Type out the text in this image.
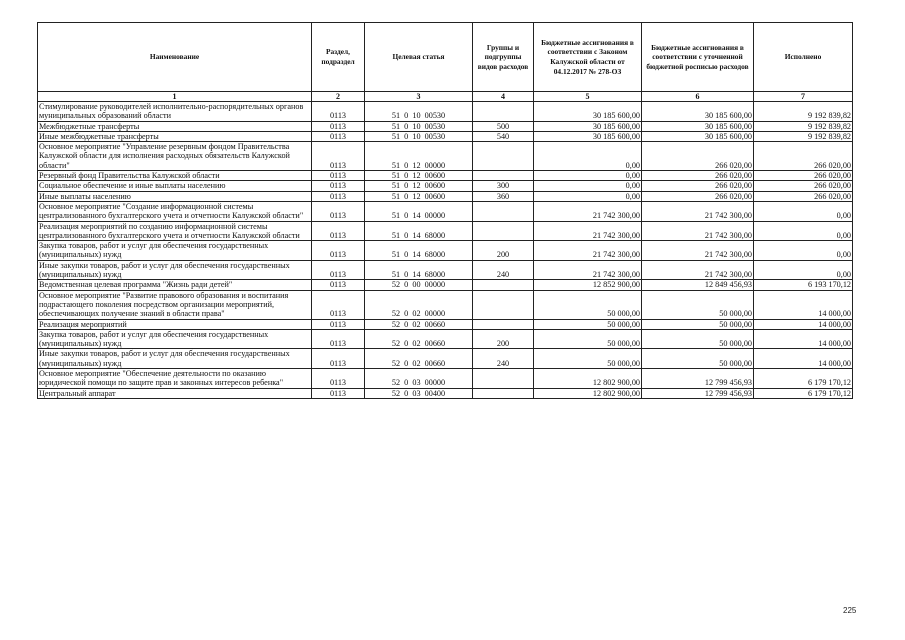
Наименование	Раздел, подраздел	Целевая статья	Группы и подгруппы видов расходов	Бюджетные ассигнования в соответствии с Законом Калужской области от 04.12.2017 № 278-ОЗ	Бюджетные ассигнования в соответствии с уточненной бюджетной росписью расходов	Исполнено
1	2	3	4	5	6	7
Стимулирование руководителей исполнительно-распорядительных органов муниципальных образований области	0113	51  0  10  00530		30 185 600,00	30 185 600,00	9 192 839,82
Межбюджетные трансферты	0113	51  0  10  00530	500	30 185 600,00	30 185 600,00	9 192 839,82
Иные межбюджетные трансферты	0113	51  0  10  00530	540	30 185 600,00	30 185 600,00	9 192 839,82
Основное мероприятие "Управление резервным фондом Правительства Калужской области для исполнения расходных обязательств Калужской области"	0113	51  0  12  00000		0,00	266 020,00	266 020,00
Резервный фонд Правительства Калужской области	0113	51  0  12  00600		0,00	266 020,00	266 020,00
Социальное обеспечение и иные выплаты населению	0113	51  0  12  00600	300	0,00	266 020,00	266 020,00
Иные выплаты населению	0113	51  0  12  00600	360	0,00	266 020,00	266 020,00
Основное мероприятие "Создание информационной системы централизованного бухгалтерского учета и отчетности Калужской области"	0113	51  0  14  00000		21 742 300,00	21 742 300,00	0,00
Реализация мероприятий по созданию информационной системы централизованного бухгалтерского учета и отчетности Калужской области	0113	51  0  14  68000		21 742 300,00	21 742 300,00	0,00
Закупка товаров, работ и услуг для обеспечения государственных (муниципальных) нужд	0113	51  0  14  68000	200	21 742 300,00	21 742 300,00	0,00
Иные закупки товаров, работ и услуг для обеспечения государственных (муниципальных) нужд	0113	51  0  14  68000	240	21 742 300,00	21 742 300,00	0,00
Ведомственная целевая программа "Жизнь ради детей"	0113	52  0  00  00000		12 852 900,00	12 849 456,93	6 193 170,12
Основное мероприятие "Развитие правового образования и воспитания подрастающего поколения посредством организации мероприятий, обеспечивающих получение знаний в области права"	0113	52  0  02  00000		50 000,00	50 000,00	14 000,00
Реализация мероприятий	0113	52  0  02  00660		50 000,00	50 000,00	14 000,00
Закупка товаров, работ и услуг для обеспечения государственных (муниципальных) нужд	0113	52  0  02  00660	200	50 000,00	50 000,00	14 000,00
Иные закупки товаров, работ и услуг для обеспечения государственных (муниципальных) нужд	0113	52  0  02  00660	240	50 000,00	50 000,00	14 000,00
Основное мероприятие "Обеспечение деятельности по оказанию юридической помощи по защите прав и законных интересов ребенка"	0113	52  0  03  00000		12 802 900,00	12 799 456,93	6 179 170,12
Центральный аппарат	0113	52  0  03  00400		12 802 900,00	12 799 456,93	6 179 170,12
225
